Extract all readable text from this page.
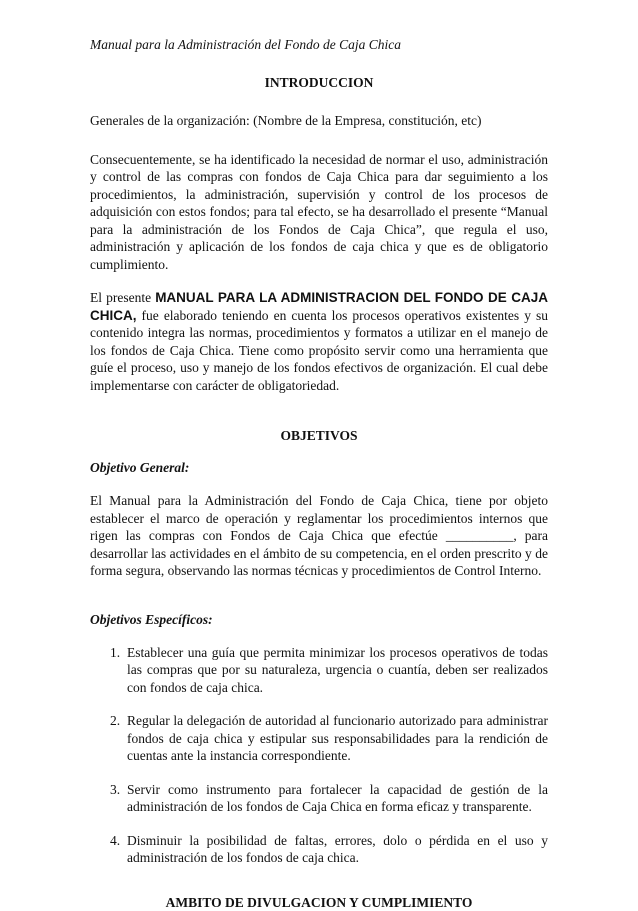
Manual para la Administración del Fondo de Caja Chica
INTRODUCCION

Generales de la organización: (Nombre de la Empresa, constitución, etc)

Consecuentemente, se ha identificado la necesidad de normar el uso, administración y control de las compras con fondos de Caja Chica para dar seguimiento a los procedimientos, la administración, supervisión y control de los procesos de adquisición con estos fondos; para tal efecto, se ha desarrollado el presente “Manual para la administración de los Fondos de Caja Chica”, que regula el uso, administración y aplicación de los fondos de caja chica y que es de obligatorio cumplimiento.

El presente MANUAL PARA LA ADMINISTRACION DEL FONDO DE CAJA CHICA, fue elaborado teniendo en cuenta los procesos operativos existentes y su contenido integra las normas, procedimientos y formatos a utilizar en el manejo de los fondos de Caja Chica. Tiene como propósito servir como una herramienta que guíe el proceso, uso y manejo de los fondos efectivos de organización. El cual debe implementarse con carácter de obligatoriedad.

OBJETIVOS
Objetivo General:

El Manual para la Administración del Fondo de Caja Chica, tiene por objeto establecer el marco de operación y reglamentar los procedimientos internos que rigen las compras con Fondos de Caja Chica que efectúe __________, para desarrollar las actividades en el ámbito de su competencia, en el orden prescrito y de forma segura, observando las normas técnicas y procedimientos de Control Interno.

Objetivos Específicos:
1. Establecer una guía que permita minimizar los procesos operativos de todas las compras que por su naturaleza, urgencia o cuantía, deben ser realizados con fondos de caja chica.
2. Regular la delegación de autoridad al funcionario autorizado para administrar fondos de caja chica y estipular sus responsabilidades para la rendición de cuentas ante la instancia correspondiente.
3. Servir como instrumento para fortalecer la capacidad de gestión de la administración de los fondos de Caja Chica en forma eficaz y transparente.
4. Disminuir la posibilidad de faltas, errores, dolo o pérdida en el uso y administración de los fondos de caja chica.
AMBITO DE DIVULGACION Y CUMPLIMIENTO
